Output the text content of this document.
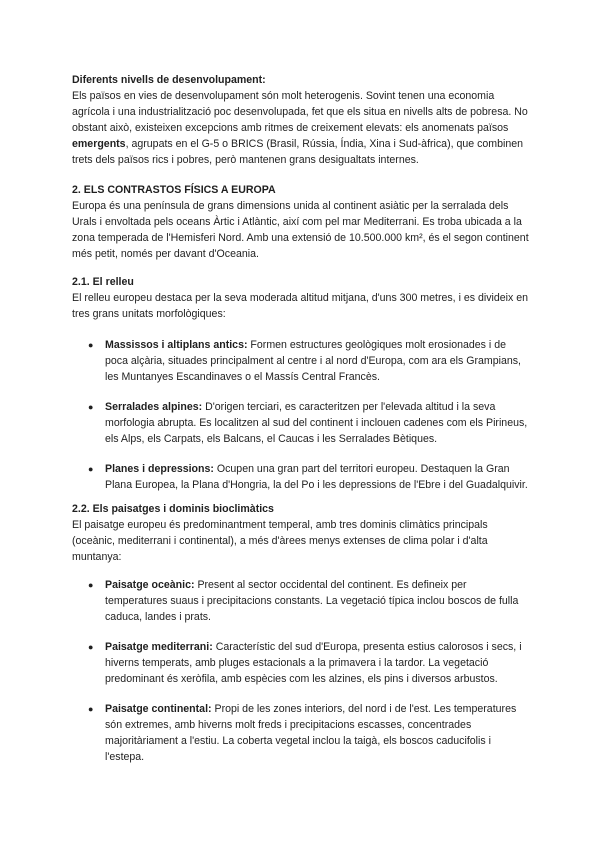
Diferents nivells de desenvolupament:

Els països en vies de desenvolupament són molt heterogenis. Sovint tenen una economia agrícola i una industrialització poc desenvolupada, fet que els situa en nivells alts de pobresa. No obstant això, existeixen excepcions amb ritmes de creixement elevats: els anomenats països emergents, agrupats en el G-5 o BRICS (Brasil, Rússia, Índia, Xina i Sud-àfrica), que combinen trets dels països rics i pobres, però mantenen grans desigualtats internes.

2. ELS CONTRASTOS FÍSICS A EUROPA

Europa és una península de grans dimensions unida al continent asiàtic per la serralada dels Urals i envoltada pels oceans Àrtic i Atlàntic, així com pel mar Mediterrani. Es troba ubicada a la zona temperada de l'Hemisferi Nord. Amb una extensió de 10.500.000 km², és el segon continent més petit, només per davant d'Oceania.

2.1. El relleu

El relleu europeu destaca per la seva moderada altitud mitjana, d'uns 300 metres, i es divideix en tres grans unitats morfològiques:

● Massissos i altiplans antics: Formen estructures geològiques molt erosionades i de poca alçària, situades principalment al centre i al nord d'Europa, com ara els Grampians, les Muntanyes Escandinaves o el Massís Central Francès.
● Serralades alpines: D'origen terciari, es caracteritzen per l'elevada altitud i la seva morfologia abrupta. Es localitzen al sud del continent i inclouen cadenes com els Pirineus, els Alps, els Carpats, els Balcans, el Caucas i les Serralades Bètiques.
● Planes i depressions: Ocupen una gran part del territori europeu. Destaquen la Gran Plana Europea, la Plana d'Hongria, la del Po i les depressions de l'Ebre i del Guadalquivir.

2.2. Els paisatges i dominis bioclimàtics

El paisatge europeu és predominantment temperal, amb tres dominis climàtics principals (oceànic, mediterrani i continental), a més d'àrees menys extenses de clima polar i d'alta muntanya:

● Paisatge oceànic: Present al sector occidental del continent. Es defineix per temperatures suaus i precipitacions constants. La vegetació típica inclou boscos de fulla caduca, landes i prats.
● Paisatge mediterrani: Característic del sud d'Europa, presenta estius calorosos i secs, i hiverns temperats, amb pluges estacionals a la primavera i la tardor. La vegetació predominant és xeròfila, amb espècies com les alzines, els pins i diversos arbustos.
● Paisatge continental: Propi de les zones interiors, del nord i de l'est. Les temperatures són extremes, amb hiverns molt freds i precipitacions escasses, concentrades majoritàriament a l'estiu. La coberta vegetal inclou la taigà, els boscos caducifolis i l'estepa.
